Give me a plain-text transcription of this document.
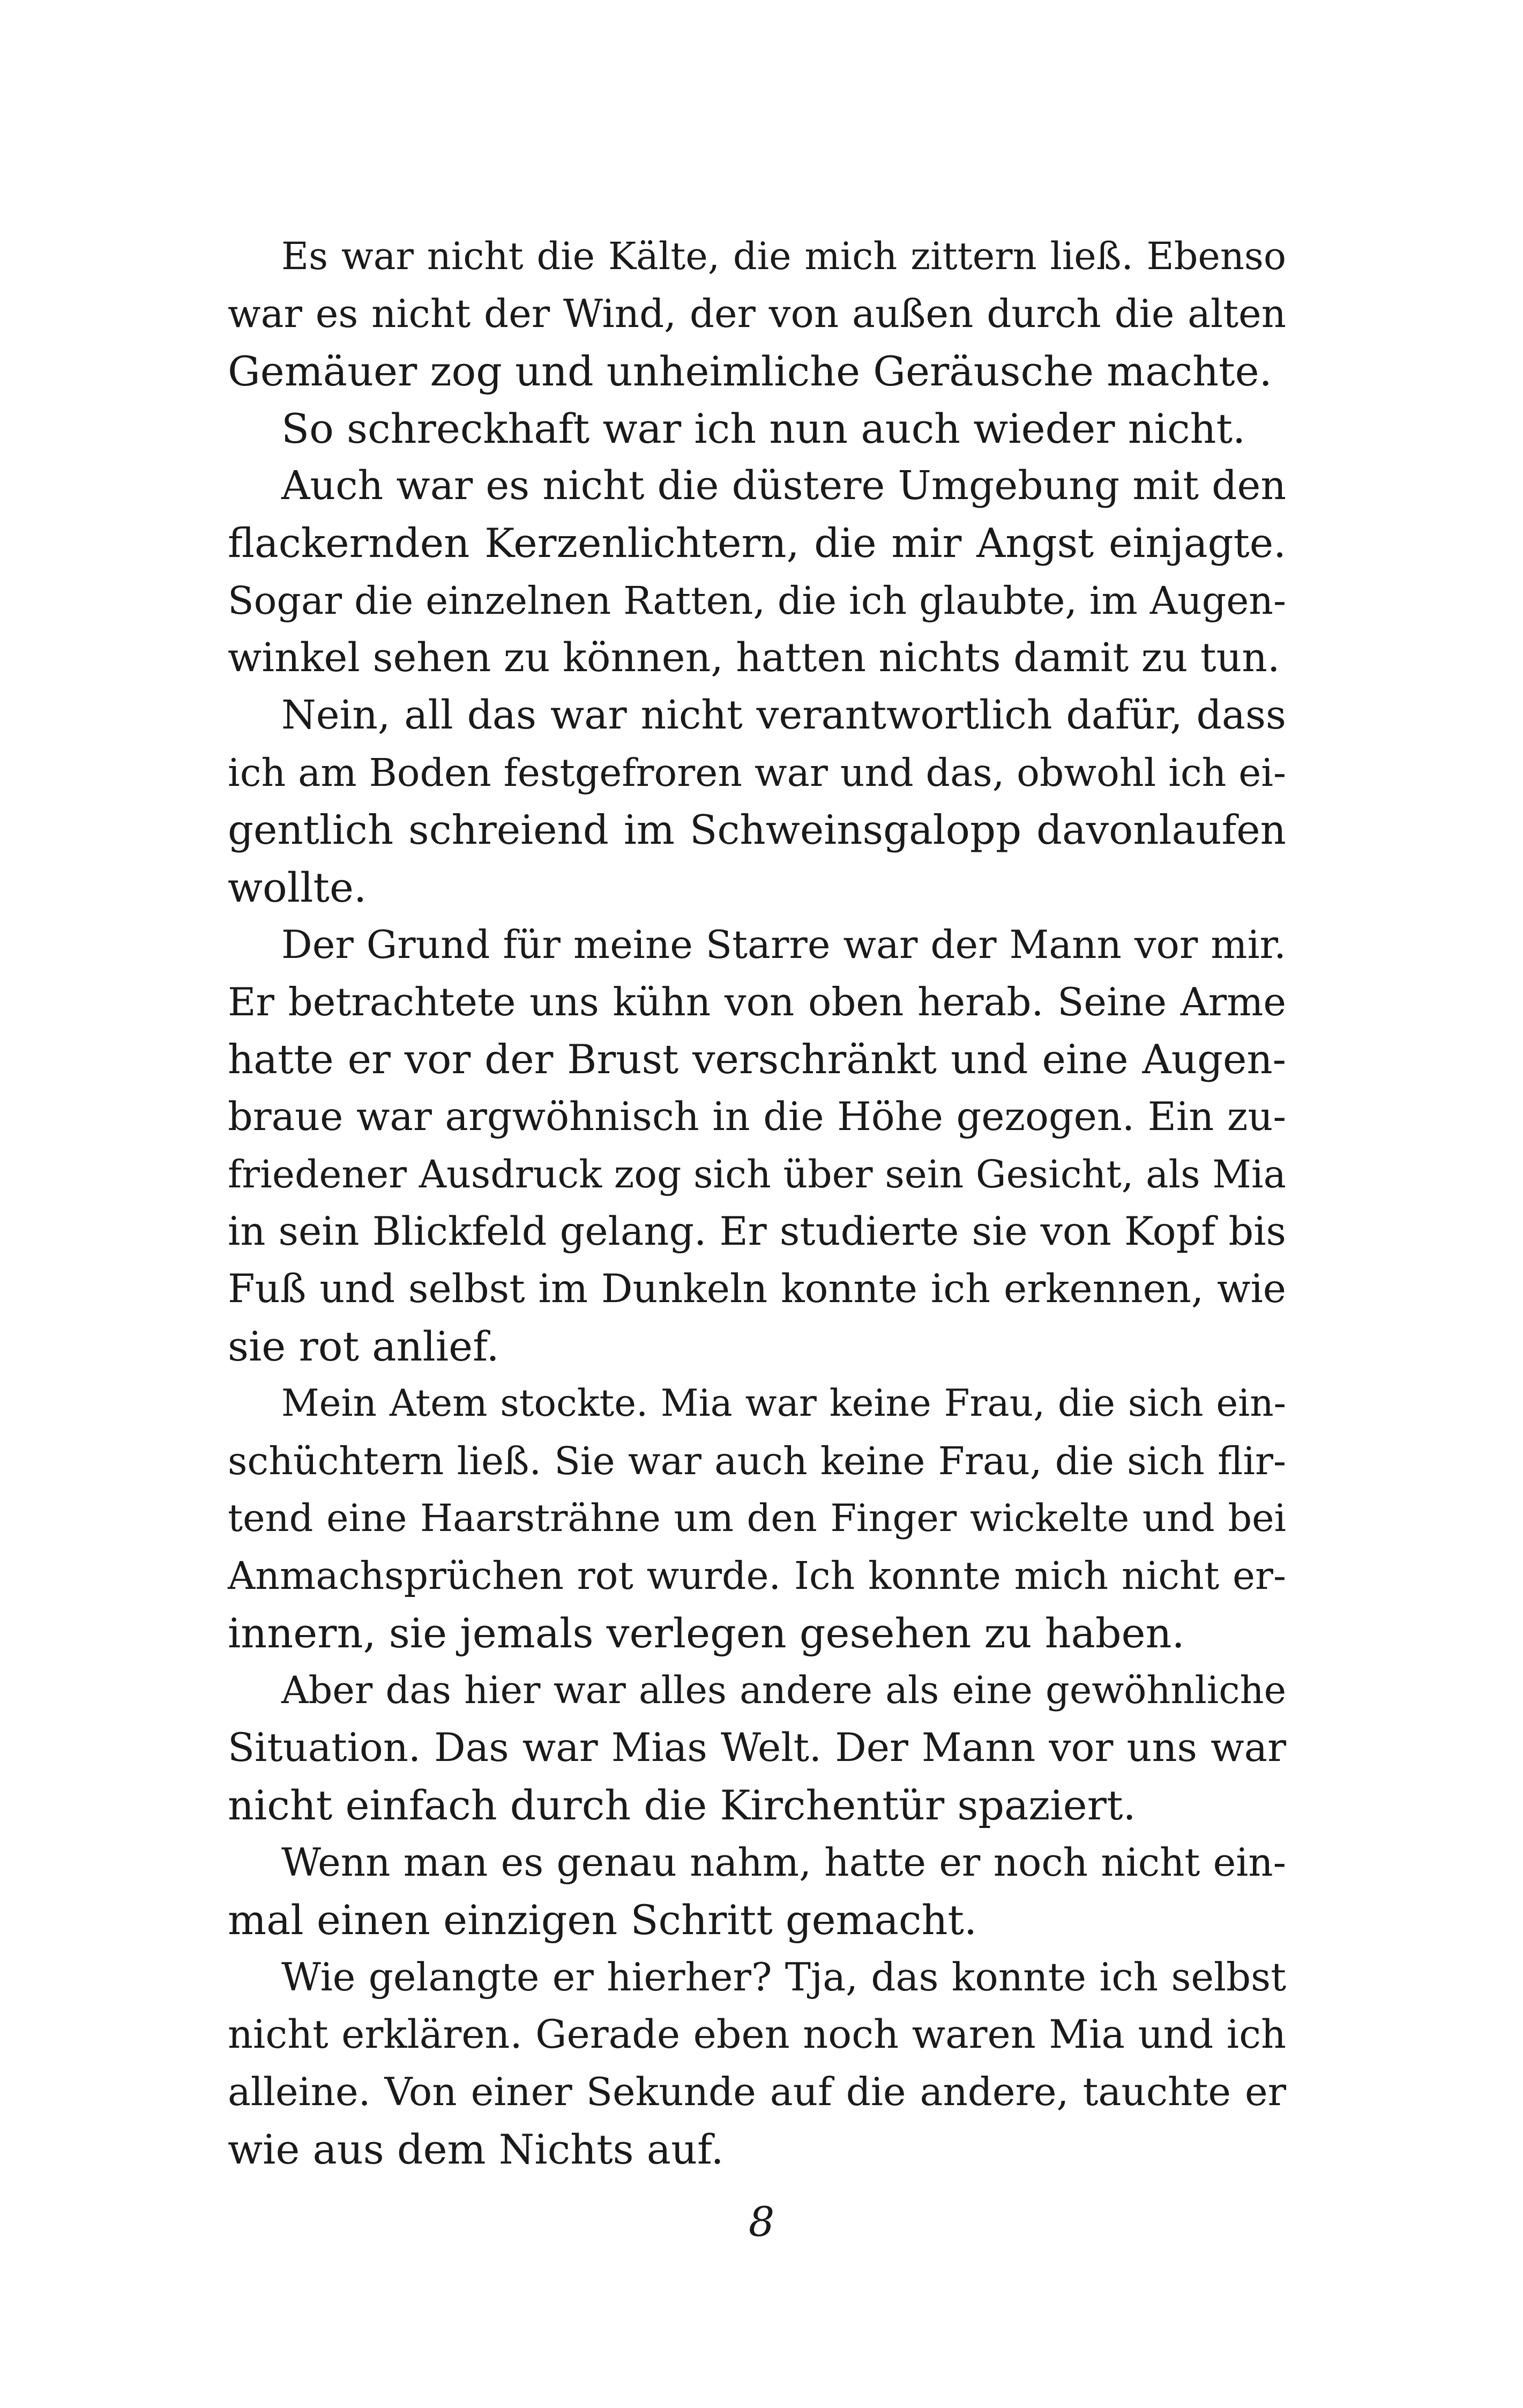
Es war nicht die Kälte, die mich zittern ließ. Ebenso
war es nicht der Wind, der von außen durch die alten
Gemäuer zog und unheimliche Geräusche machte.
So schreckhaft war ich nun auch wieder nicht.
Auch war es nicht die düstere Umgebung mit den
flackernden Kerzenlichtern, die mir Angst einjagte.
Sogar die einzelnen Ratten, die ich glaubte, im Augen-
winkel sehen zu können, hatten nichts damit zu tun.
Nein, all das war nicht verantwortlich dafür, dass
ich am Boden festgefroren war und das, obwohl ich ei-
gentlich schreiend im Schweinsgalopp davonlaufen
wollte.
Der Grund für meine Starre war der Mann vor mir.
Er betrachtete uns kühn von oben herab. Seine Arme
hatte er vor der Brust verschränkt und eine Augen-
braue war argwöhnisch in die Höhe gezogen. Ein zu-
friedener Ausdruck zog sich über sein Gesicht, als Mia
in sein Blickfeld gelang. Er studierte sie von Kopf bis
Fuß und selbst im Dunkeln konnte ich erkennen, wie
sie rot anlief.
Mein Atem stockte. Mia war keine Frau, die sich ein-
schüchtern ließ. Sie war auch keine Frau, die sich flir-
tend eine Haarsträhne um den Finger wickelte und bei
Anmachsprüchen rot wurde. Ich konnte mich nicht er-
innern, sie jemals verlegen gesehen zu haben.
Aber das hier war alles andere als eine gewöhnliche
Situation. Das war Mias Welt. Der Mann vor uns war
nicht einfach durch die Kirchentür spaziert.
Wenn man es genau nahm, hatte er noch nicht ein-
mal einen einzigen Schritt gemacht.
Wie gelangte er hierher? Tja, das konnte ich selbst
nicht erklären. Gerade eben noch waren Mia und ich
alleine. Von einer Sekunde auf die andere, tauchte er
wie aus dem Nichts auf.
8
